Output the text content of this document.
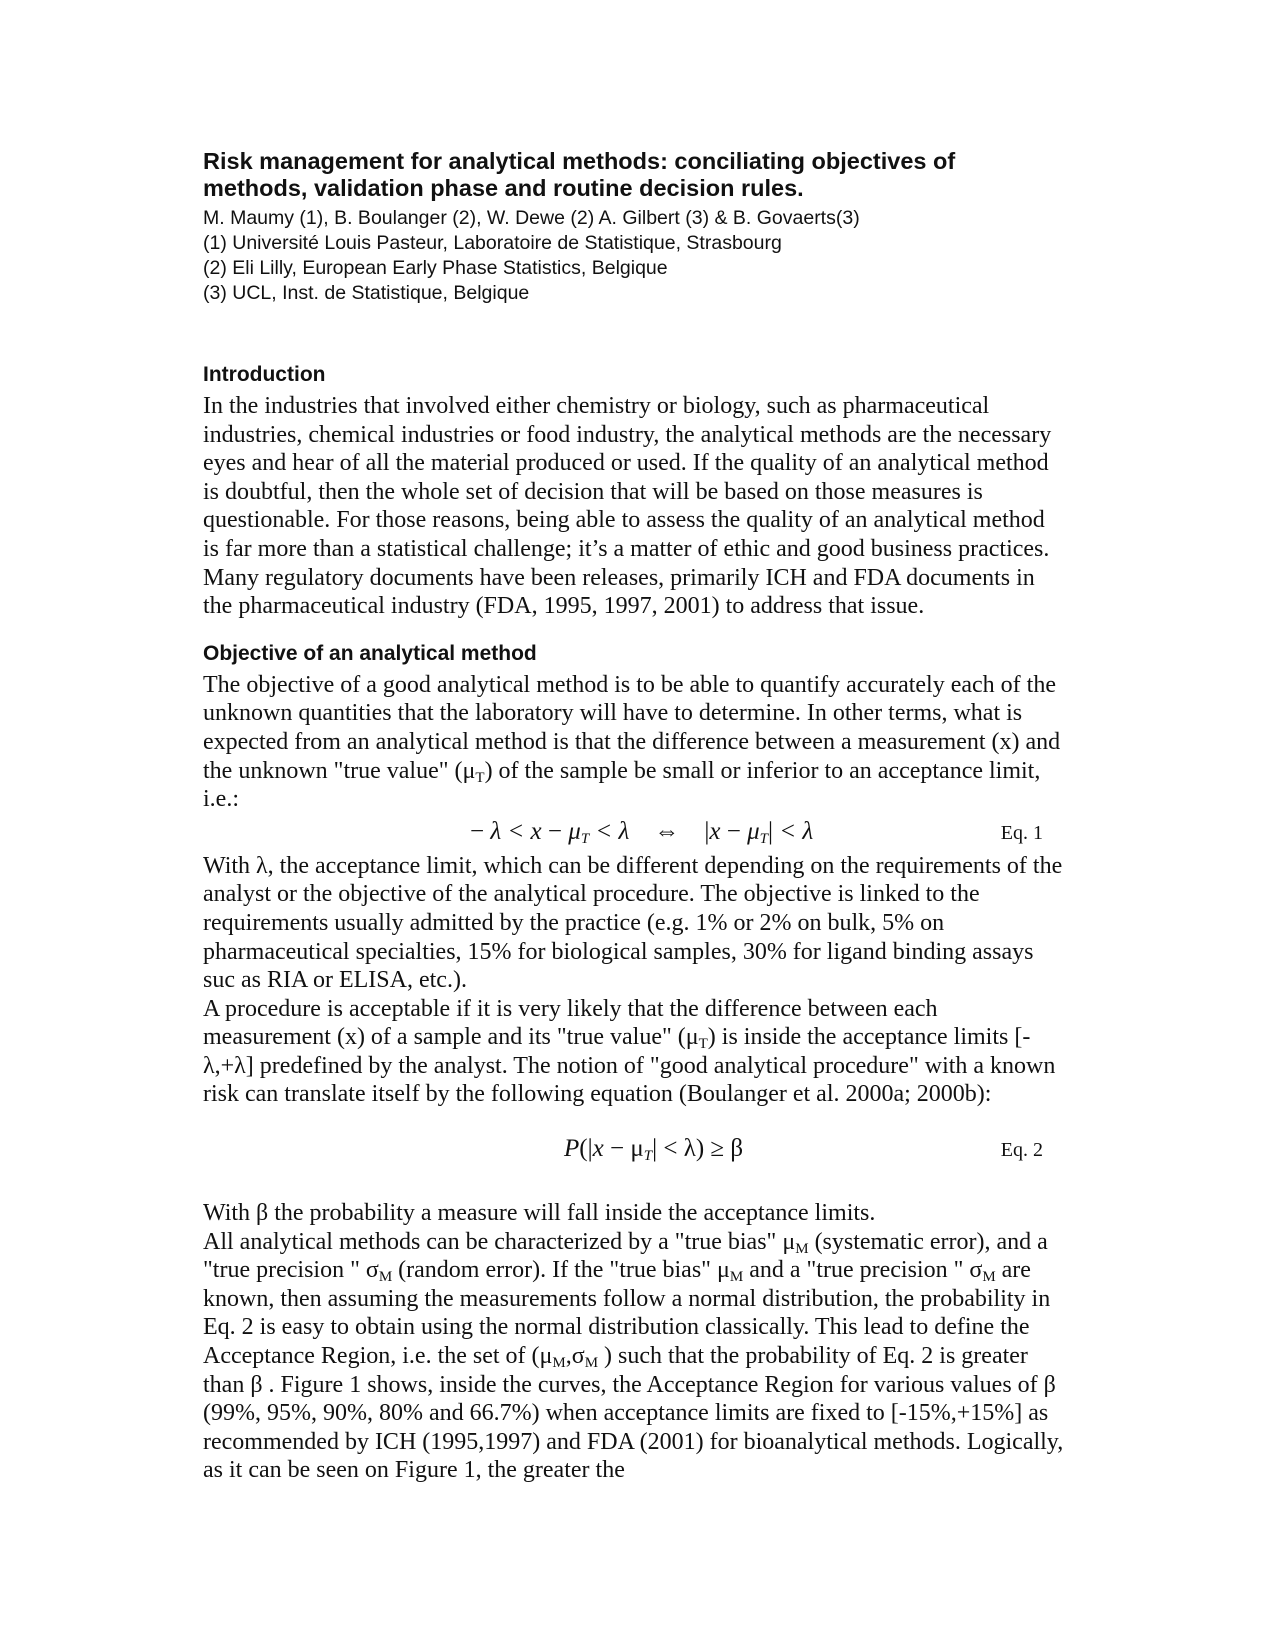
Risk management for analytical methods: conciliating objectives of methods, validation phase and routine decision rules.
M. Maumy (1), B. Boulanger (2), W. Dewe (2) A. Gilbert (3) & B. Govaerts(3)
(1) Université Louis Pasteur, Laboratoire de Statistique, Strasbourg
(2) Eli Lilly, European Early Phase Statistics, Belgique
(3) UCL, Inst. de Statistique, Belgique
Introduction

In the industries that involved either chemistry or biology, such as pharmaceutical industries, chemical industries or food industry, the analytical methods are the necessary eyes and hear of all the material produced or used. If the quality of an analytical method is doubtful, then the whole set of decision that will be based on those measures is questionable. For those reasons, being able to assess the quality of an analytical method is far more than a statistical challenge; it’s a matter of ethic and good business practices. Many regulatory documents have been releases, primarily ICH and FDA documents in the pharmaceutical industry (FDA, 1995, 1997, 2001) to address that issue.

Objective of an analytical method

The objective of a good analytical method is to be able to quantify accurately each of the unknown quantities that the laboratory will have to determine. In other terms, what is expected from an analytical method is that the difference between a measurement (x) and the unknown "true value" $(\mu_T)$ of the sample be small or inferior to an acceptance limit, i.e.:

− $\lambda < x - \mu_T < \lambda$    ⇔ $|x - \mu_T| < \lambda$	Eq. 1

With λ, the acceptance limit, which can be different depending on the requirements of the analyst or the objective of the analytical procedure. The objective is linked to the requirements usually admitted by the practice (e.g. 1% or 2% on bulk, 5% on pharmaceutical specialties, 15% for biological samples, 30% for ligand binding assays suc as RIA or ELISA, etc.).

A procedure is acceptable if it is very likely that the difference between each measurement (x) of a sample and its "true value" $(\mu_T)$ is inside the acceptance limits [-λ,+λ] predefined by the analyst. The notion of "good analytical procedure" with a known risk can translate itself by the following equation (Boulanger et al. 2000a; 2000b):

$P(|x - \mu_T| < \lambda) \ge \beta$	Eq. 2

With β the probability a measure will fall inside the acceptance limits.

All analytical methods can be characterized by a "true bias" $\mu_M$ (systematic error), and a "true precision " $\sigma_M$ (random error). If the "true bias" $\mu_M$ and a "true precision " $\sigma_M$ are known, then assuming the measurements follow a normal distribution, the probability in Eq. 2 is easy to obtain using the normal distribution classically. This lead to define the Acceptance Region, i.e. the set of ($\mu_M,\sigma_M$ ) such that the probability of Eq. 2 is greater than β . Figure 1 shows, inside the curves, the Acceptance Region for various values of β (99%, 95%, 90%, 80% and 66.7%) when acceptance limits are fixed to [-15%,+15%] as recommended by ICH (1995,1997) and FDA (2001) for bioanalytical methods. Logically, as it can be seen on Figure 1, the greater the
